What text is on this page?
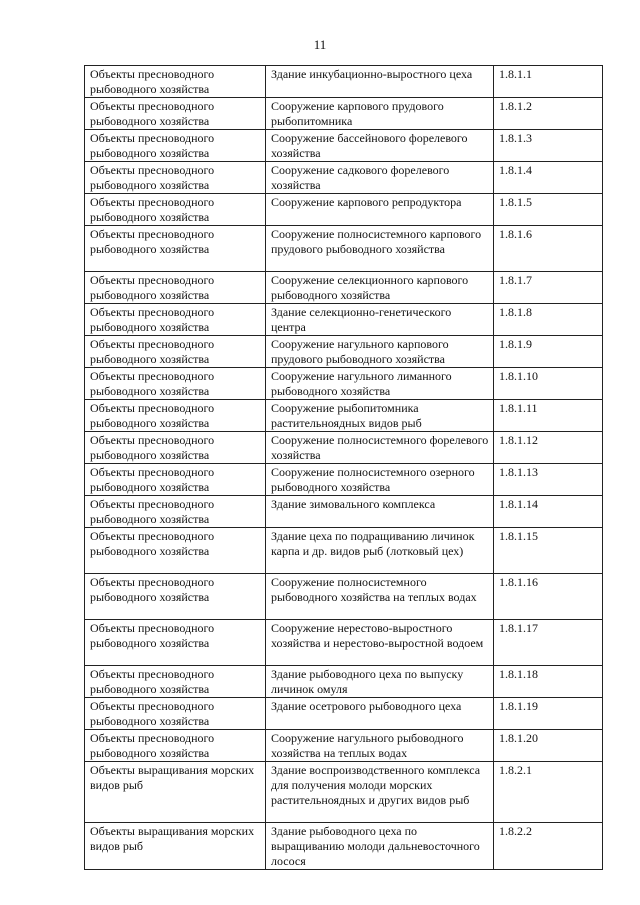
11
Объекты пресноводного рыбоводного хозяйства	Здание инкубационно-выростного цеха	1.8.1.1
Объекты пресноводного рыбоводного хозяйства	Сооружение карпового прудового рыбопитомника	1.8.1.2
Объекты пресноводного рыбоводного хозяйства	Сооружение бассейнового форелевого хозяйства	1.8.1.3
Объекты пресноводного рыбоводного хозяйства	Сооружение садкового форелевого хозяйства	1.8.1.4
Объекты пресноводного рыбоводного хозяйства	Сооружение карпового репродуктора	1.8.1.5
Объекты пресноводного рыбоводного хозяйства	Сооружение полносистемного карпового прудового рыбоводного хозяйства	1.8.1.6
Объекты пресноводного рыбоводного хозяйства	Сооружение селекционного карпового рыбоводного хозяйства	1.8.1.7
Объекты пресноводного рыбоводного хозяйства	Здание селекционно-генетического центра	1.8.1.8
Объекты пресноводного рыбоводного хозяйства	Сооружение нагульного карпового прудового рыбоводного хозяйства	1.8.1.9
Объекты пресноводного рыбоводного хозяйства	Сооружение нагульного лиманного рыбоводного хозяйства	1.8.1.10
Объекты пресноводного рыбоводного хозяйства	Сооружение рыбопитомника растительноядных видов рыб	1.8.1.11
Объекты пресноводного рыбоводного хозяйства	Сооружение полносистемного форелевого хозяйства	1.8.1.12
Объекты пресноводного рыбоводного хозяйства	Сооружение полносистемного озерного рыбоводного хозяйства	1.8.1.13
Объекты пресноводного рыбоводного хозяйства	Здание зимовального комплекса	1.8.1.14
Объекты пресноводного рыбоводного хозяйства	Здание цеха по подращиванию личинок карпа и др. видов рыб (лотковый цех)	1.8.1.15
Объекты пресноводного рыбоводного хозяйства	Сооружение полносистемного рыбоводного хозяйства на теплых водах	1.8.1.16
Объекты пресноводного рыбоводного хозяйства	Сооружение нерестово-выростного хозяйства и нерестово-выростной водоем	1.8.1.17
Объекты пресноводного рыбоводного хозяйства	Здание рыбоводного цеха по выпуску личинок омуля	1.8.1.18
Объекты пресноводного рыбоводного хозяйства	Здание осетрового рыбоводного цеха	1.8.1.19
Объекты пресноводного рыбоводного хозяйства	Сооружение нагульного рыбоводного хозяйства на теплых водах	1.8.1.20
Объекты выращивания морских видов рыб	Здание воспроизводственного комплекса для получения молоди морских растительноядных и других видов рыб	1.8.2.1
Объекты выращивания морских видов рыб	Здание рыбоводного цеха по выращиванию молоди дальневосточного лосося	1.8.2.2
